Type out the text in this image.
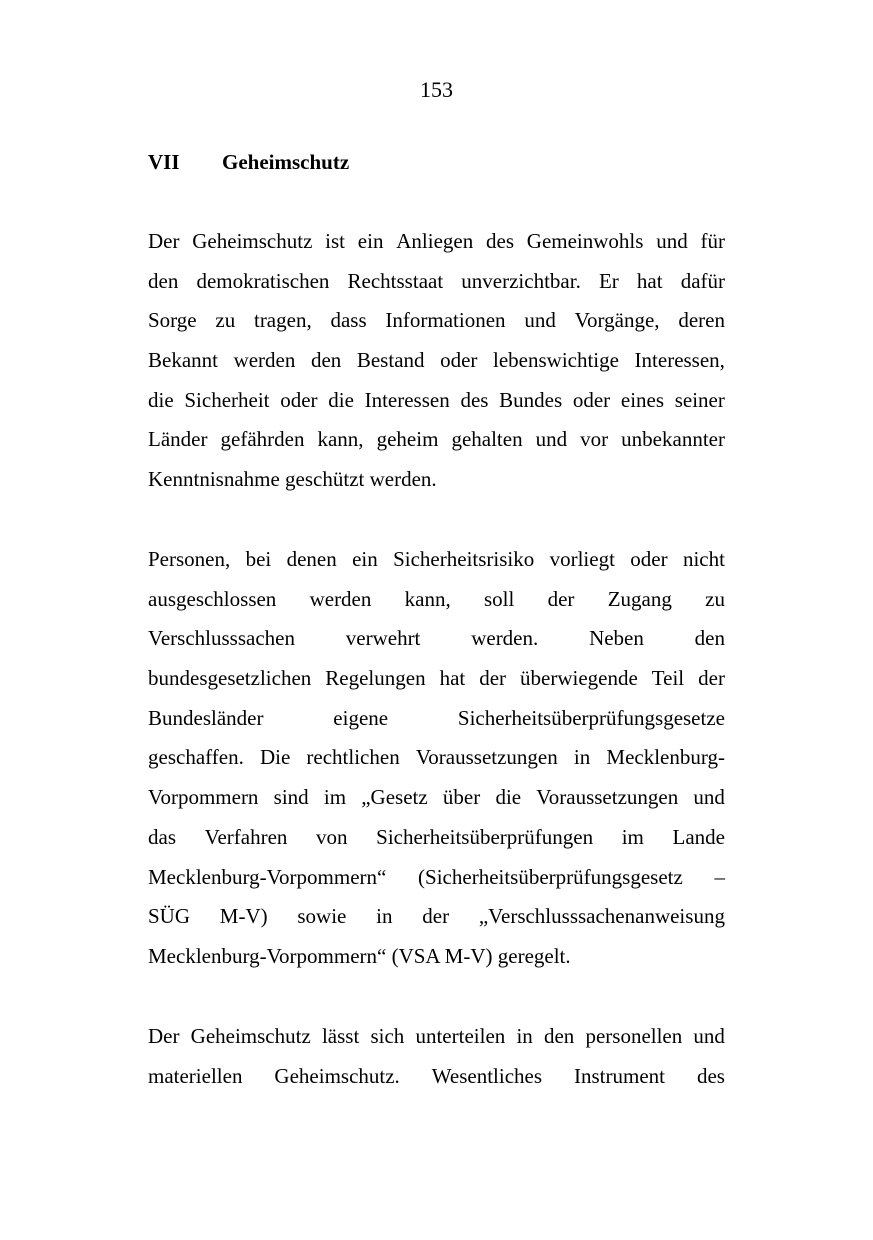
153
VII Geheimschutz
Der Geheimschutz ist ein Anliegen des Gemeinwohls und für
den demokratischen Rechtsstaat unverzichtbar. Er hat dafür
Sorge zu tragen, dass Informationen und Vorgänge, deren
Bekannt werden den Bestand oder lebenswichtige Interessen,
die Sicherheit oder die Interessen des Bundes oder eines seiner
Länder gefährden kann, geheim gehalten und vor unbekannter
Kenntnisnahme geschützt werden.
Personen, bei denen ein Sicherheitsrisiko vorliegt oder nicht
ausgeschlossen werden kann, soll der Zugang zu
Verschlusssachen verwehrt werden. Neben den
bundesgesetzlichen Regelungen hat der überwiegende Teil der
Bundesländer	eigene	Sicherheitsüberprüfungsgesetze
geschaffen. Die rechtlichen Voraussetzungen in Mecklenburg-
Vorpommern sind im „Gesetz über die Voraussetzungen und
das Verfahren von Sicherheitsüberprüfungen im Lande
Mecklenburg-Vorpommern“ (Sicherheitsüberprüfungsgesetz –
SÜG M-V) sowie in der „Verschlusssachenanweisung
Mecklenburg-Vorpommern“ (VSA M-V) geregelt.
Der Geheimschutz lässt sich unterteilen in den personellen und
materiellen Geheimschutz. Wesentliches Instrument des
